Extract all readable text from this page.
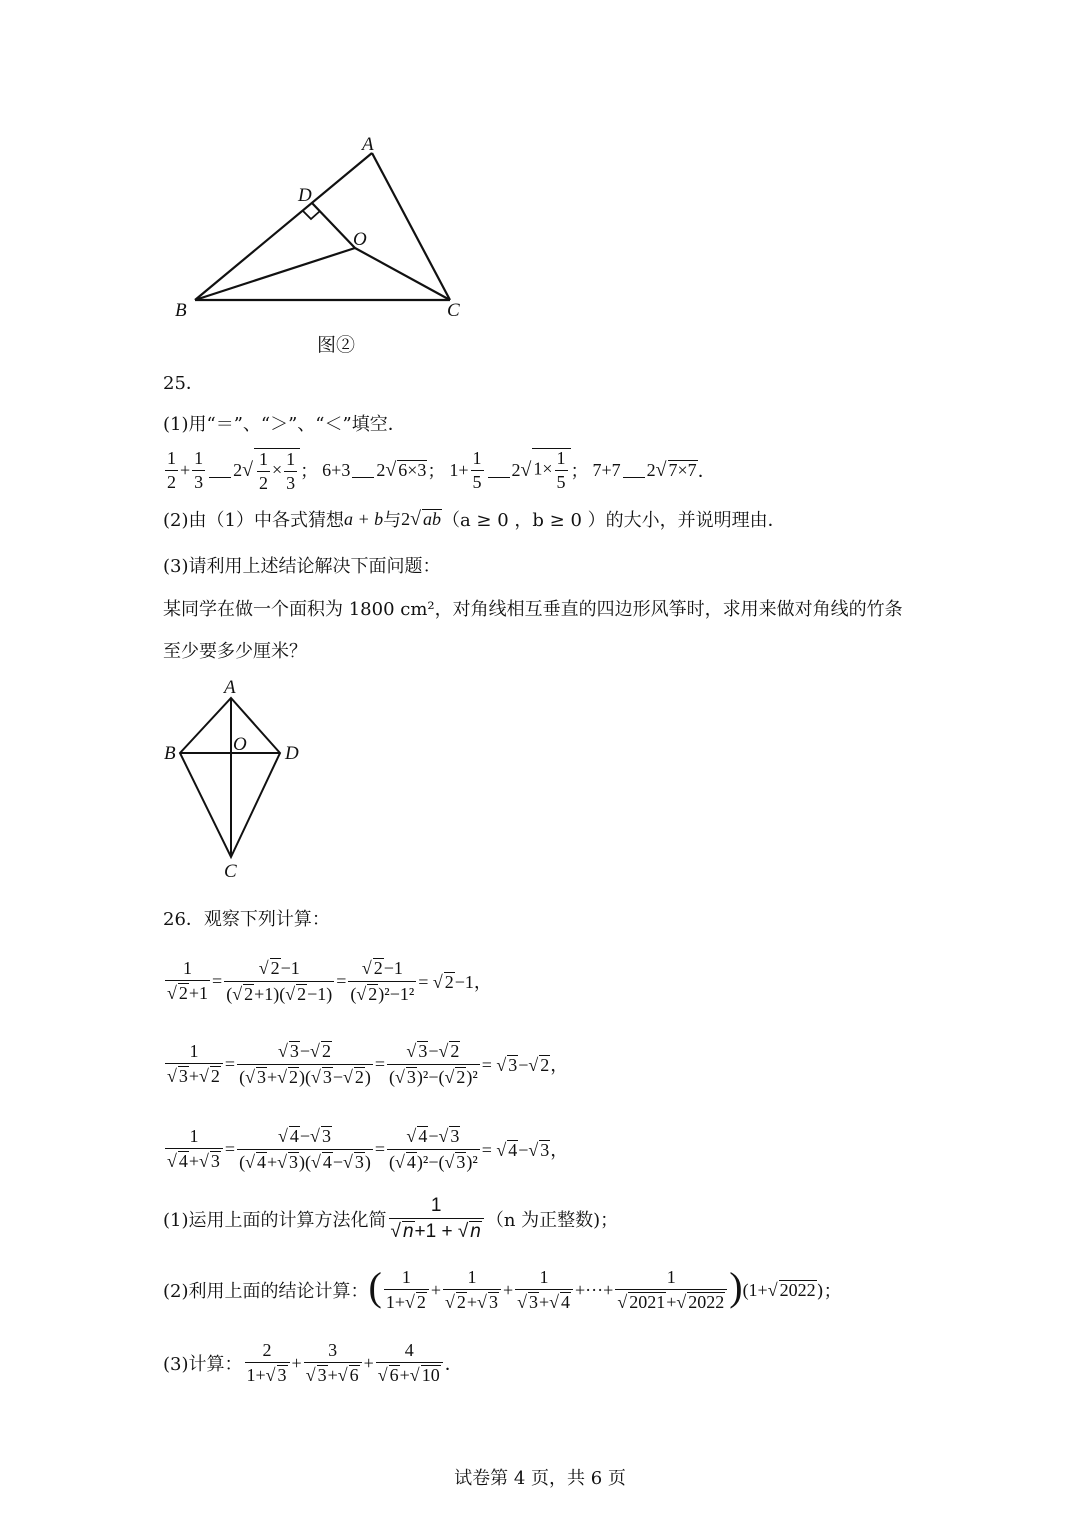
A
D
O
B	C
图②
25．
(1)用“＝”、“＞”、“＜”填空．
$\frac{1}{2} + \frac{1}{3} 2$ √ $\frac{1}{2} \times \frac{1}{3}$ ； 6+3 2 √ 6×3 ； $1+ \frac{1}{5} 2$ √ $1\times \frac{1}{5}$ ； 7+7 2 √ 7×7 ．
(2)由（1）中各式猜想 a + b 与 2 √ ab （a ≥ 0 ，b ≥ 0 ）的大小，并说明理由．
(3)请利用上述结论解决下面问题：
某同学在做一个面积为 1800 cm²，对角线相互垂直的四边形风筝时，求用来做对角线的竹条
至少要多少厘米？
A
O
B	D
C
26．观察下列计算：
$\frac{1}{√ 2+1} = \frac{√ 2-1}{(√ 2+1)(√ 2-1)} = \frac{√ 2-1}{\text{(√ 2)²−1²}}$ = √ 2−1，
$\frac{1}{√ 3+√ 2} = \frac{√ 3-√ 2}{(√ 3+√ 2)(√ 3-√ 2)} = \frac{√ 3-√ 2}{\text{(√ 3)²−(√ 2)²}}$ = √ 3−√ 2，
$\frac{1}{√ 4+√ 3} = \frac{√ 4-√ 3}{(√ 4+√ 3)(√ 4-√ 3)} = \frac{√ 4-√ 3}{\text{(√ 4)²−(√ 3)²}}$ = √ 4−√ 3，
(1)运用上面的计算方法化简 $\frac{1}{√ n+1 + √ n} (n$ 为正整数)；
(2)利用上面的结论计算： ( $\frac{1}{1+√ 2} + \frac{1}{√ 2+√ 3} + \frac{1}{√ 3+√ 4}$ +···+ $\frac{1}{√ 2021+√ 2022}$ ) (1+ √ 2022 )；
(3)计算： $\frac{2}{1+√ 3} + \frac{3}{√ 3+√ 6} + \frac{4}{√ 6+√ 10}$ ．
试卷第 4 页，共 6 页
